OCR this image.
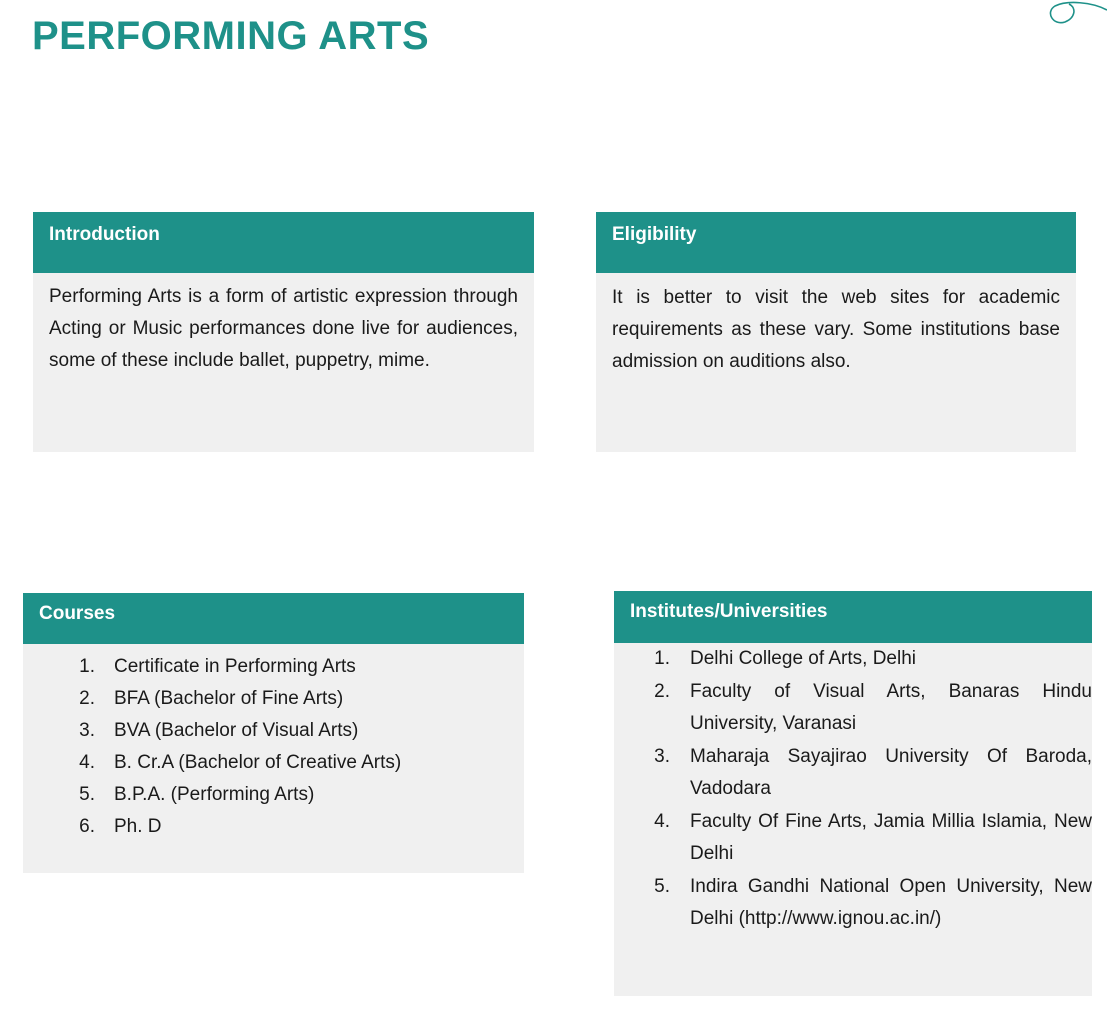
PERFORMING ARTS
Introduction
Performing Arts is a form of artistic expression through Acting or Music performances done live for audiences, some of these include ballet, puppetry, mime.
Eligibility
It is better to visit the web sites for academic requirements as these vary. Some institutions base admission on auditions also.
Courses
1. Certificate in Performing Arts
2. BFA (Bachelor of Fine Arts)
3. BVA (Bachelor of Visual Arts)
4. B. Cr.A (Bachelor of Creative Arts)
5. B.P.A. (Performing Arts)
6. Ph. D
Institutes/Universities
1. Delhi College of Arts, Delhi
2. Faculty of Visual Arts, Banaras Hindu University, Varanasi
3. Maharaja Sayajirao University Of Baroda, Vadodara
4. Faculty Of Fine Arts, Jamia Millia Islamia, New Delhi
5. Indira Gandhi National Open University, New Delhi (http://www.ignou.ac.in/)
